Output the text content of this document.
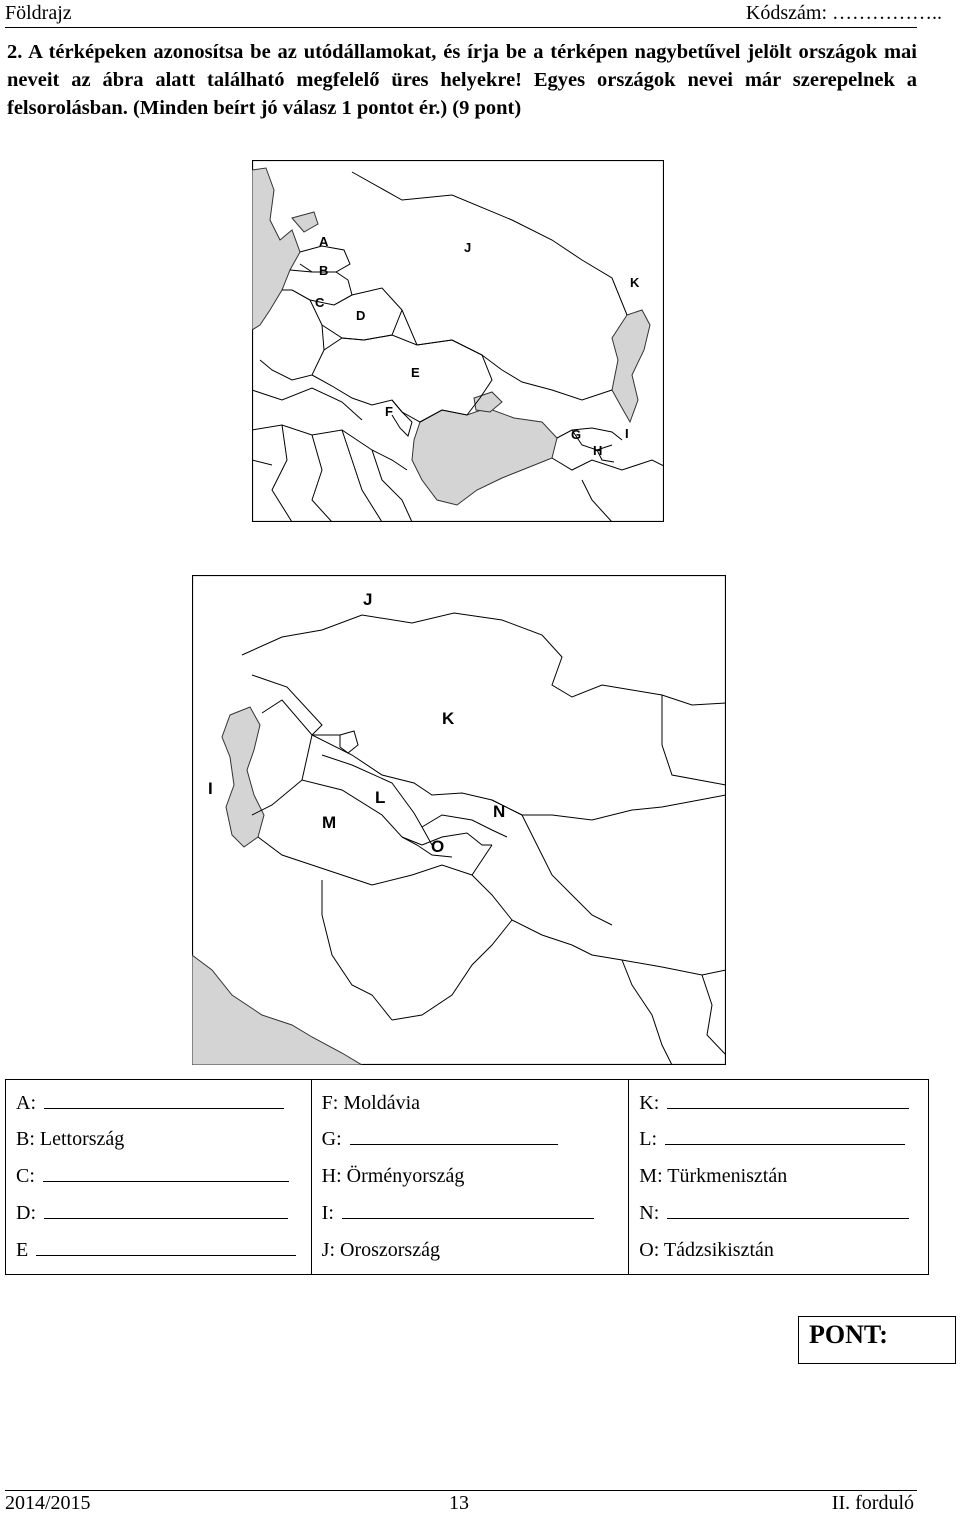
Földrajz	Kódszám: ……………..
2. A térképeken azonosítsa be az utódállamokat, és írja be a térképen nagybetűvel jelölt országok mai neveit az ábra alatt található megfelelő üres helyekre! Egyes országok nevei már szerepelnek a felsorolásban. (Minden beírt jó válasz 1 pontot ér.) (9 pont)
A
B
C
D
E
F
G
H
I
J
K
J
K
I	L
M
N
O
A:
B: Lettország
C:
D:
E
F: Moldávia
G:
H: Örményország
I:
J: Oroszország
K:
L:
M: Türkmenisztán
N:
O: Tádzsikisztán
PONT:
2014/2015	13	II. forduló
